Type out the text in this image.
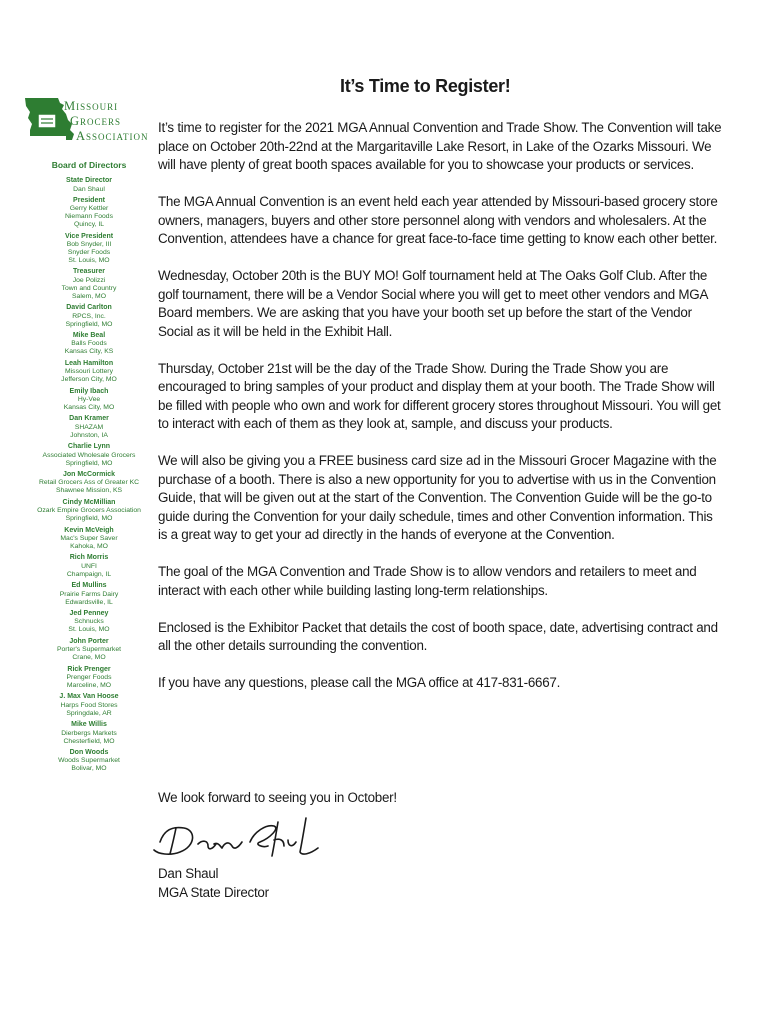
Missouri
Grocers
Association
Board of Directors
State Director
Dan Shaul
President
Gerry Kettler
Niemann Foods
Quincy, IL
Vice President
Bob Snyder, III
Snyder Foods
St. Louis, MO
Treasurer
Joe Polizzi
Town and Country
Salem, MO
David Carlton
RPCS, Inc.
Springfield, MO
Mike Beal
Balls Foods
Kansas City, KS
Leah Hamilton
Missouri Lottery
Jefferson City, MO
Emily Ibach
Hy-Vee
Kansas City, MO
Dan Kramer
SHAZAM
Johnston, IA
Charlie Lynn
Associated Wholesale Grocers
Springfield, MO
Jon McCormick
Retail Grocers Ass of Greater KC
Shawnee Mission, KS
Cindy McMillian
Ozark Empire Grocers Association
Springfield, MO
Kevin McVeigh
Mac's Super Saver
Kahoka, MO
Rich Morris
UNFI
Champaign, IL
Ed Mullins
Prairie Farms Dairy
Edwardsville, IL
Jed Penney
Schnucks
St. Louis, MO
John Porter
Porter's Supermarket
Crane, MO
Rick Prenger
Prenger Foods
Marceline, MO
J. Max Van Hoose
Harps Food Stores
Springdale, AR
Mike Willis
Dierbergs Markets
Chesterfield, MO
Don Woods
Woods Supermarket
Bolivar, MO
It’s Time to Register!

It’s time to register for the 2021 MGA Annual Convention and Trade Show. The Convention will take place on October 20th-22nd at the Margaritaville Lake Resort, in Lake of the Ozarks Missouri. We will have plenty of great booth spaces available for you to showcase your products or services.

The MGA Annual Convention is an event held each year attended by Missouri-based grocery store owners, managers, buyers and other store personnel along with vendors and wholesalers. At the Convention, attendees have a chance for great face-to-face time getting to know each other better.

Wednesday, October 20th is the BUY MO! Golf tournament held at The Oaks Golf Club. After the golf tournament, there will be a Vendor Social where you will get to meet other vendors and MGA Board members. We are asking that you have your booth set up before the start of the Vendor Social as it will be held in the Exhibit Hall.

Thursday, October 21st will be the day of the Trade Show. During the Trade Show you are encouraged to bring samples of your product and display them at your booth. The Trade Show will be filled with people who own and work for different grocery stores throughout Missouri. You will get to interact with each of them as they look at, sample, and discuss your products.

We will also be giving you a FREE business card size ad in the Missouri Grocer Magazine with the purchase of a booth. There is also a new opportunity for you to advertise with us in the Convention Guide, that will be given out at the start of the Convention. The Convention Guide will be the go-to guide during the Convention for your daily schedule, times and other Convention information. This is a great way to get your ad directly in the hands of everyone at the Convention.

The goal of the MGA Convention and Trade Show is to allow vendors and retailers to meet and interact with each other while building lasting long-term relationships.

Enclosed is the Exhibitor Packet that details the cost of booth space, date, advertising contract and all the other details surrounding the convention.

If you have any questions, please call the MGA office at 417-831-6667.

We look forward to seeing you in October!
Dan Shaul
MGA State Director
